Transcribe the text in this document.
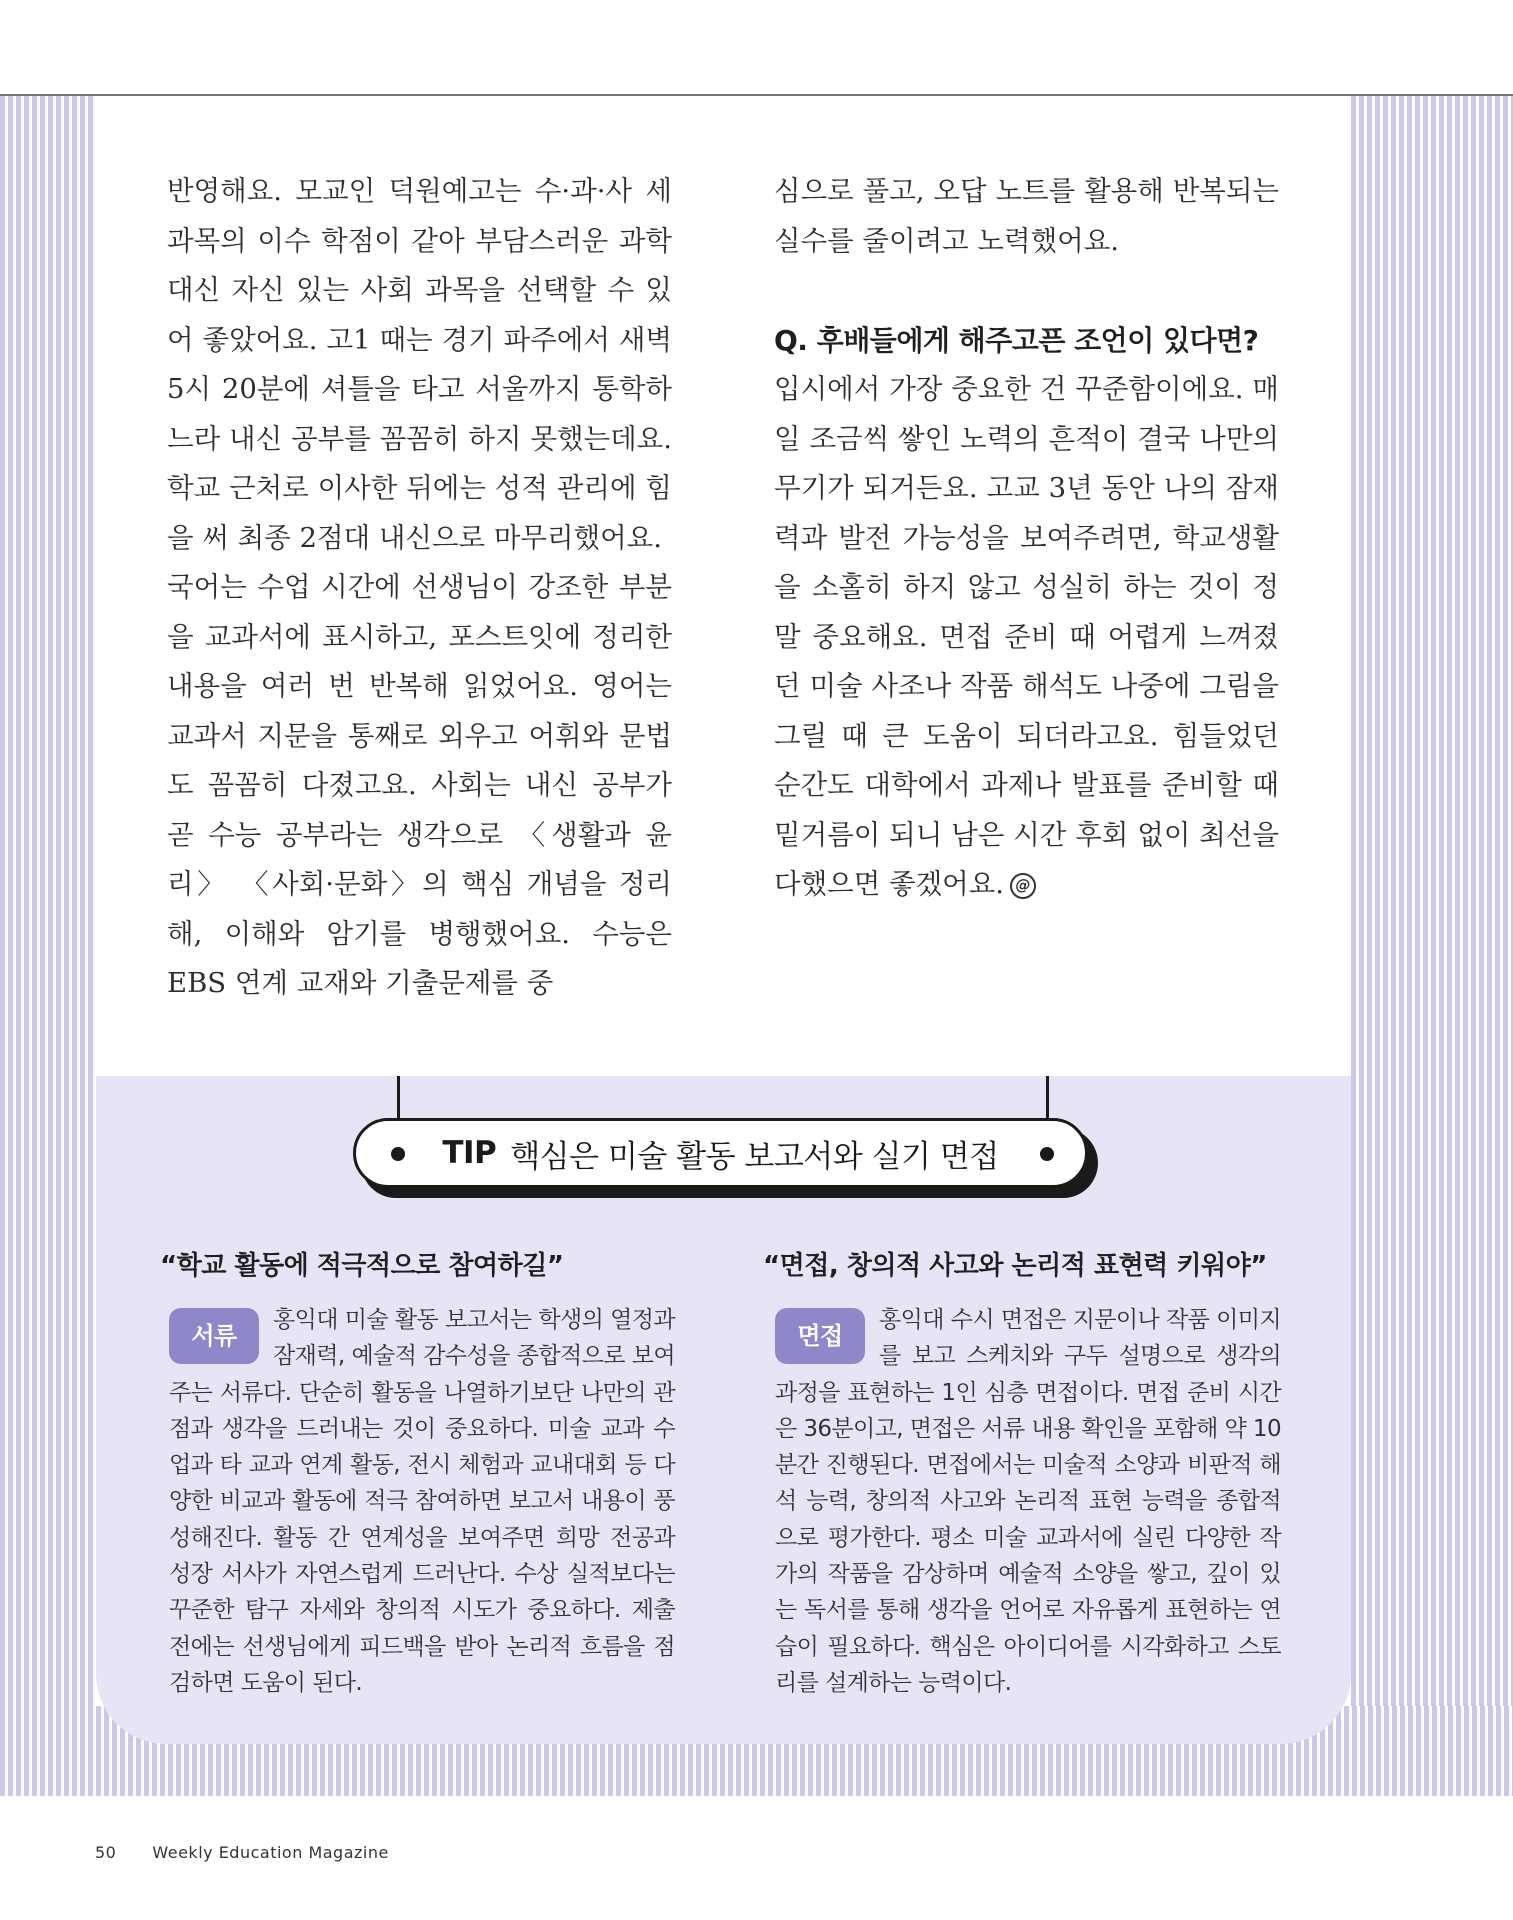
반영해요. 모교인 덕원예고는 수·과·사 세 과목의 이수 학점이 같아 부담스러운 과학 대신 자신 있는 사회 과목을 선택할 수 있어 좋았어요. 고1 때는 경기 파주에서 새벽 5시 20분에 셔틀을 타고 서울까지 통학하느라 내신 공부를 꼼꼼히 하지 못했는데요. 학교 근처로 이사한 뒤에는 성적 관리에 힘을 써 최종 2점대 내신으로 마무리했어요.

국어는 수업 시간에 선생님이 강조한 부분을 교과서에 표시하고, 포스트잇에 정리한 내용을 여러 번 반복해 읽었어요. 영어는 교과서 지문을 통째로 외우고 어휘와 문법도 꼼꼼히 다졌고요. 사회는 내신 공부가 곧 수능 공부라는 생각으로 〈생활과 윤리〉 〈사회·문화〉의 핵심 개념을 정리해, 이해와 암기를 병행했어요. 수능은 EBS 연계 교재와 기출문제를 중

심으로 풀고, 오답 노트를 활용해 반복되는 실수를 줄이려고 노력했어요.

Q. 후배들에게 해주고픈 조언이 있다면?

입시에서 가장 중요한 건 꾸준함이에요. 매일 조금씩 쌓인 노력의 흔적이 결국 나만의 무기가 되거든요. 고교 3년 동안 나의 잠재력과 발전 가능성을 보여주려면, 학교생활을 소홀히 하지 않고 성실히 하는 것이 정말 중요해요. 면접 준비 때 어렵게 느껴졌던 미술 사조나 작품 해석도 나중에 그림을 그릴 때 큰 도움이 되더라고요. 힘들었던 순간도 대학에서 과제나 발표를 준비할 때 밑거름이 되니 남은 시간 후회 없이 최선을 다했으면 좋겠어요. @

TIP 핵심은 미술 활동 보고서와 실기 면접
“학교 활동에 적극적으로 참여하길”
서류

홍익대 미술 활동 보고서는 학생의 열정과 잠재력, 예술적 감수성을 종합적으로 보여주는 서류다. 단순히 활동을 나열하기보단 나만의 관점과 생각을 드러내는 것이 중요하다. 미술 교과 수업과 타 교과 연계 활동, 전시 체험과 교내대회 등 다양한 비교과 활동에 적극 참여하면 보고서 내용이 풍성해진다. 활동 간 연계성을 보여주면 희망 전공과 성장 서사가 자연스럽게 드러난다. 수상 실적보다는 꾸준한 탐구 자세와 창의적 시도가 중요하다. 제출 전에는 선생님에게 피드백을 받아 논리적 흐름을 점검하면 도움이 된다.

“면접, 창의적 사고와 논리적 표현력 키워야”
면접

홍익대 수시 면접은 지문이나 작품 이미지를 보고 스케치와 구두 설명으로 생각의 과정을 표현하는 1인 심층 면접이다. 면접 준비 시간은 36분이고, 면접은 서류 내용 확인을 포함해 약 10분간 진행된다. 면접에서는 미술적 소양과 비판적 해석 능력, 창의적 사고와 논리적 표현 능력을 종합적으로 평가한다. 평소 미술 교과서에 실린 다양한 작가의 작품을 감상하며 예술적 소양을 쌓고, 깊이 있는 독서를 통해 생각을 언어로 자유롭게 표현하는 연습이 필요하다. 핵심은 아이디어를 시각화하고 스토리를 설계하는 능력이다.

50 Weekly Education Magazine
